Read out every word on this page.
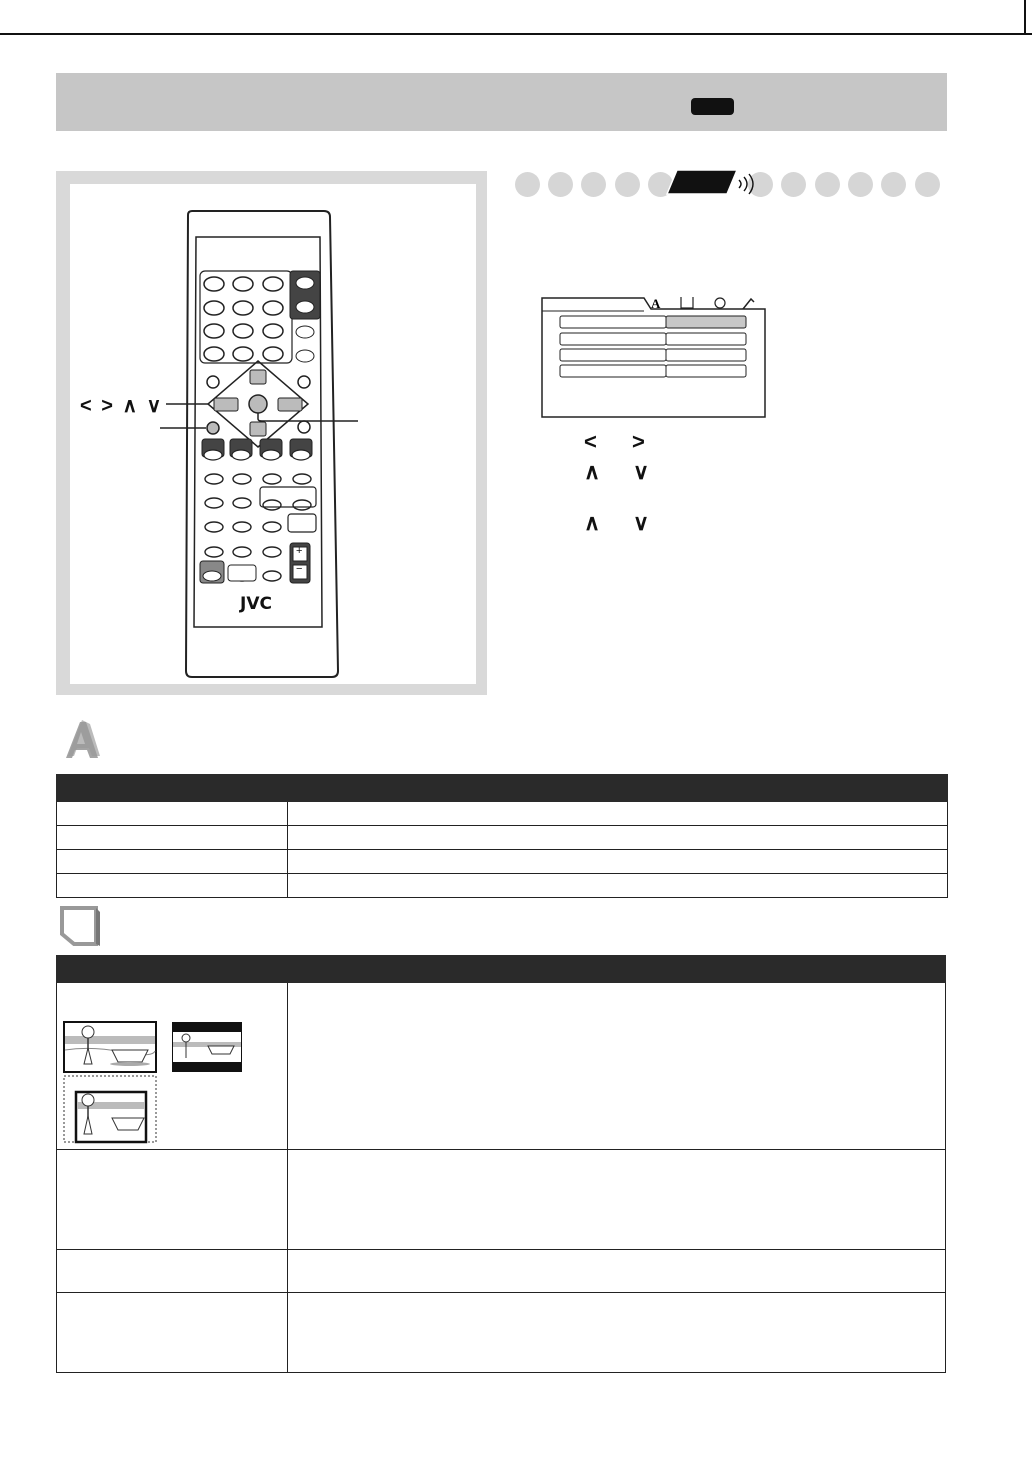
+
−
JVC
< > ∧ ∨
A
< >
∧ ∨
∧ ∨
